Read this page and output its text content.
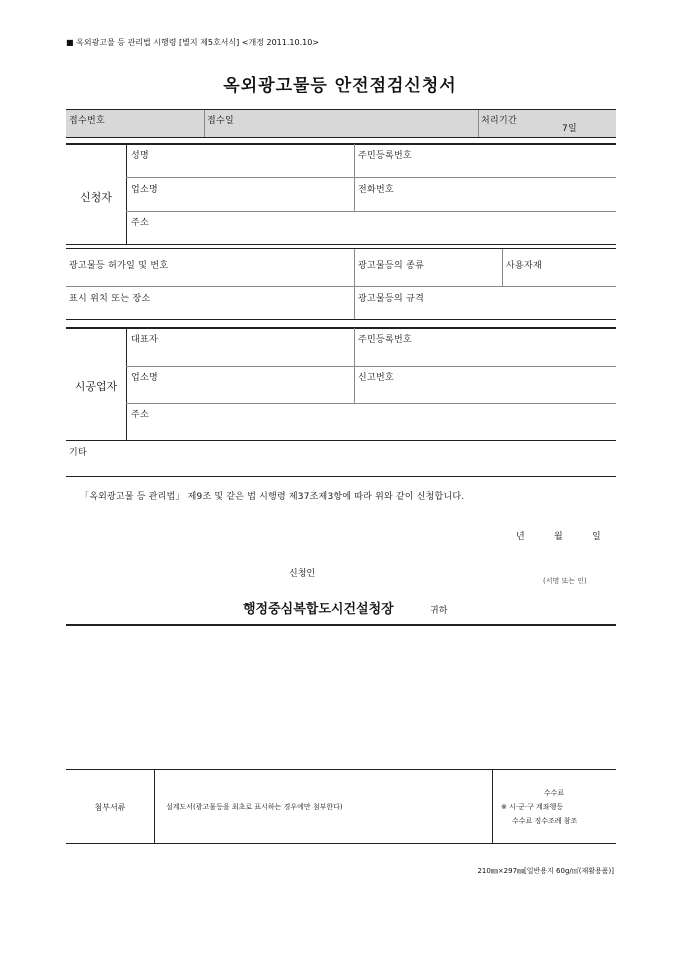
■ 옥외광고물 등 관리법 시행령 [별지 제5호서식] <개정 2011.10.10>
옥외광고물등 안전점검신청서
접수번호	접수일	처리기간
7일
신청자
성명	주민등록번호
업소명	전화번호
주소
광고물등 허가일 및 번호	광고물등의 종류	사용자재
표시 위치 또는 장소	광고물등의 규격
시공업자
대표자	주민등록번호
업소명	신고번호
주소
기타
「옥외광고물 등 관리법」 제9조 및 같은 법 시행령 제37조제3항에 따라 위와 같이 신청합니다.
년	월	일
신청인
(서명 또는 인)
행정중심복합도시건설청장	귀하
첨부서류	설계도서(광고물등을 최초로 표시하는 경우에만 첨부한다)
수수료
※ 시·군·구 계좌행등
수수료 징수조례 참조
210㎜×297㎜[일반용지 60g/㎡(재활용품)]
